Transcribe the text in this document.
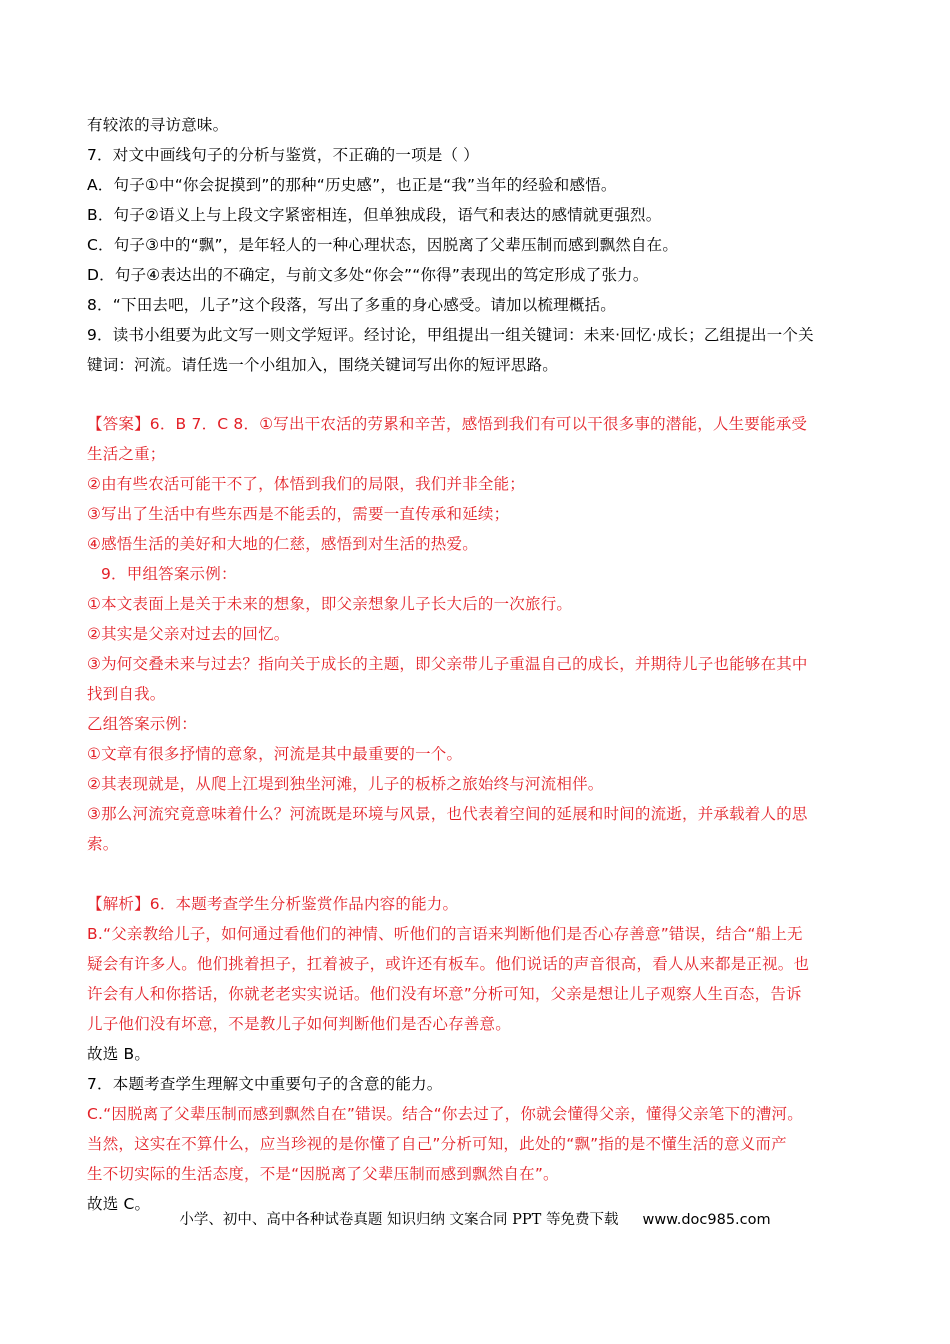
有较浓的寻访意味。
7．对文中画线句子的分析与鉴赏，不正确的一项是（ ）
A．句子①中“你会捉摸到”的那种“历史感”，也正是“我”当年的经验和感悟。
B．句子②语义上与上段文字紧密相连，但单独成段，语气和表达的感情就更强烈。
C．句子③中的“飘”，是年轻人的一种心理状态，因脱离了父辈压制而感到飘然自在。
D．句子④表达出的不确定，与前文多处“你会”“你得”表现出的笃定形成了张力。
8．“下田去吧，儿子”这个段落，写出了多重的身心感受。请加以梳理概括。
9．读书小组要为此文写一则文学短评。经讨论，甲组提出一组关键词：未来·回忆·成长；乙组提出一个关
键词：河流。请任选一个小组加入，围绕关键词写出你的短评思路。
【答案】6．B 7．C 8．①写出干农活的劳累和辛苦，感悟到我们有可以干很多事的潜能，人生要能承受
生活之重；
②由有些农活可能干不了，体悟到我们的局限，我们并非全能；
③写出了生活中有些东西是不能丢的，需要一直传承和延续；
④感悟生活的美好和大地的仁慈，感悟到对生活的热爱。
9．甲组答案示例：
①本文表面上是关于未来的想象，即父亲想象儿子长大后的一次旅行。
②其实是父亲对过去的回忆。
③为何交叠未来与过去？指向关于成长的主题，即父亲带儿子重温自己的成长，并期待儿子也能够在其中
找到自我。
乙组答案示例：
①文章有很多抒情的意象，河流是其中最重要的一个。
②其表现就是，从爬上江堤到独坐河滩，儿子的板桥之旅始终与河流相伴。
③那么河流究竟意味着什么？河流既是环境与风景，也代表着空间的延展和时间的流逝，并承载着人的思
索。
【解析】6．本题考查学生分析鉴赏作品内容的能力。
B.“父亲教给儿子，如何通过看他们的神情、听他们的言语来判断他们是否心存善意”错误，结合“船上无
疑会有许多人。他们挑着担子，扛着被子，或许还有板车。他们说话的声音很高，看人从来都是正视。也
许会有人和你搭话，你就老老实实说话。他们没有坏意”分析可知，父亲是想让儿子观察人生百态，告诉
儿子他们没有坏意，不是教儿子如何判断他们是否心存善意。
故选 B。
7．本题考查学生理解文中重要句子的含意的能力。
C.“因脱离了父辈压制而感到飘然自在”错误。结合“你去过了，你就会懂得父亲，懂得父亲笔下的漕河。
当然，这实在不算什么，应当珍视的是你懂了自己”分析可知，此处的“飘”指的是不懂生活的意义而产
生不切实际的生活态度，不是“因脱离了父辈压制而感到飘然自在”。
故选 C。
小学、初中、高中各种试卷真题 知识归纳 文案合同 PPT 等免费下载 www.doc985.com
